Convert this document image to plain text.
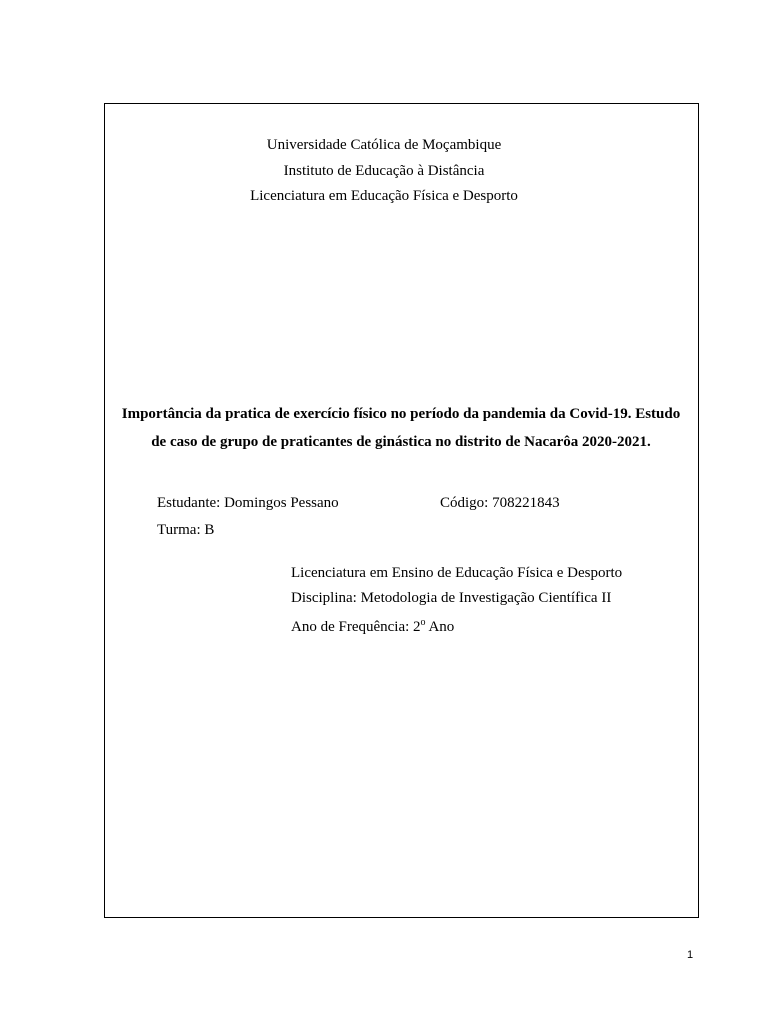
Universidade Católica de Moçambique
Instituto de Educação à Distância
Licenciatura em Educação Física e Desporto
Importância da pratica de exercício físico no período da pandemia da Covid-19. Estudo
de caso de grupo de praticantes de ginástica no distrito de Nacarôa 2020-2021.
Estudante: Domingos Pessano	Código: 708221843
Turma: B
Licenciatura em Ensino de Educação Física e Desporto
Disciplina: Metodologia de Investigação Científica II
Ano de Frequência: 2$^o$ Ano
1
